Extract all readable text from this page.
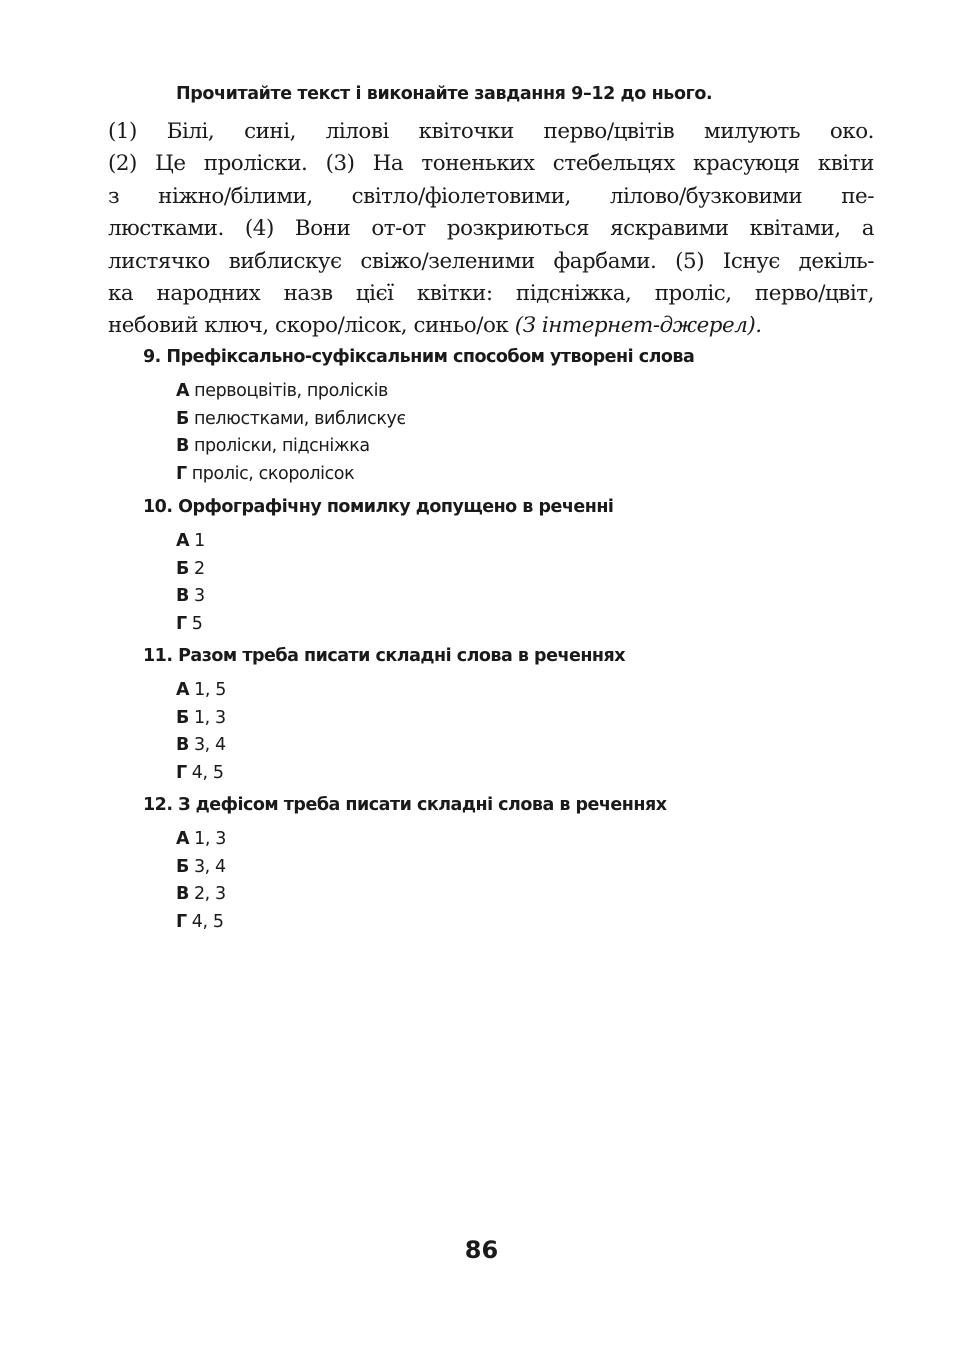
Прочитайте текст і виконайте завдання 9–12 до нього.
(1) Білі, сині, лілові квіточки перво/цвітів милують око.
(2) Це проліски. (3) На тоненьких стебельцях красуюця квіти
з ніжно/білими, світло/фіолетовими, лілово/бузковими пе-
люстками. (4) Вони от-от розкриються яскравими квітами, а
листячко виблискує свіжо/зеленими фарбами. (5) Існує декіль-
ка народних назв цієї квітки: підсніжка, проліс, перво/цвіт,
небовий ключ, скоро/лісок, синьо/ок (З інтернет-джерел).
9. Префіксально-суфіксальним способом утворені слова
А первоцвітів, пролісків
Б пелюстками, виблискує
В проліски, підсніжка
Г проліс, скоролісок
10. Орфографічну помилку допущено в реченні
А 1
Б 2
В 3
Г 5
11. Разом треба писати складні слова в реченнях
А 1, 5
Б 1, 3
В 3, 4
Г 4, 5
12. З дефісом треба писати складні слова в реченнях
А 1, 3
Б 3, 4
В 2, 3
Г 4, 5
86
